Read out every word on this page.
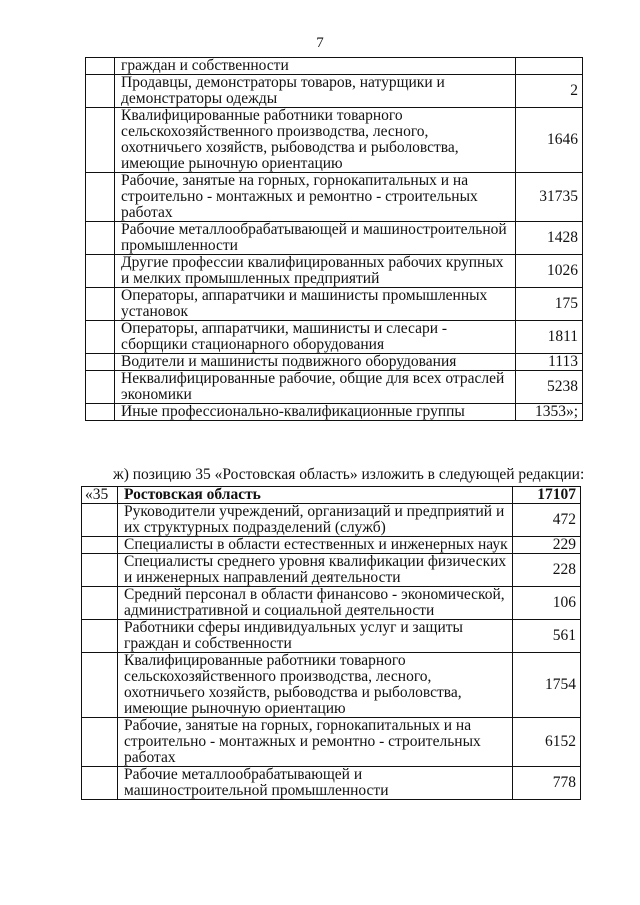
7
	граждан и собственности	
	Продавцы, демонстраторы товаров, натурщики и демонстраторы одежды	2
	Квалифицированные работники товарного сельскохозяйственного производства, лесного, охотничьего хозяйств, рыбоводства и рыболовства, имеющие рыночную ориентацию	1646
	Рабочие, занятые на горных, горнокапитальных и на строительно - монтажных и ремонтно - строительных работах	31735
	Рабочие металлообрабатывающей и машиностроительной промышленности	1428
	Другие профессии квалифицированных рабочих крупных и мелких промышленных предприятий	1026
	Операторы, аппаратчики и машинисты промышленных установок	175
	Операторы, аппаратчики, машинисты и слесари - сборщики стационарного оборудования	1811
	Водители и машинисты подвижного оборудования	1113
	Неквалифицированные рабочие, общие для всех отраслей экономики	5238
	Иные профессионально-квалификационные группы	1353»;
ж) позицию 35 «Ростовская область» изложить в следующей редакции:
«35	Ростовская область	17107
	Руководители учреждений, организаций и предприятий и их структурных подразделений (служб)	472
	Специалисты в области естественных и инженерных наук	229
	Специалисты среднего уровня квалификации физических и инженерных направлений деятельности	228
	Средний персонал в области финансово - экономической, административной и социальной деятельности	106
	Работники сферы индивидуальных услуг и защиты граждан и собственности	561
	Квалифицированные работники товарного сельскохозяйственного производства, лесного, охотничьего хозяйств, рыбоводства и рыболовства, имеющие рыночную ориентацию	1754
	Рабочие, занятые на горных, горнокапитальных и на строительно - монтажных и ремонтно - строительных работах	6152
	Рабочие металлообрабатывающей и машиностроительной промышленности	778
